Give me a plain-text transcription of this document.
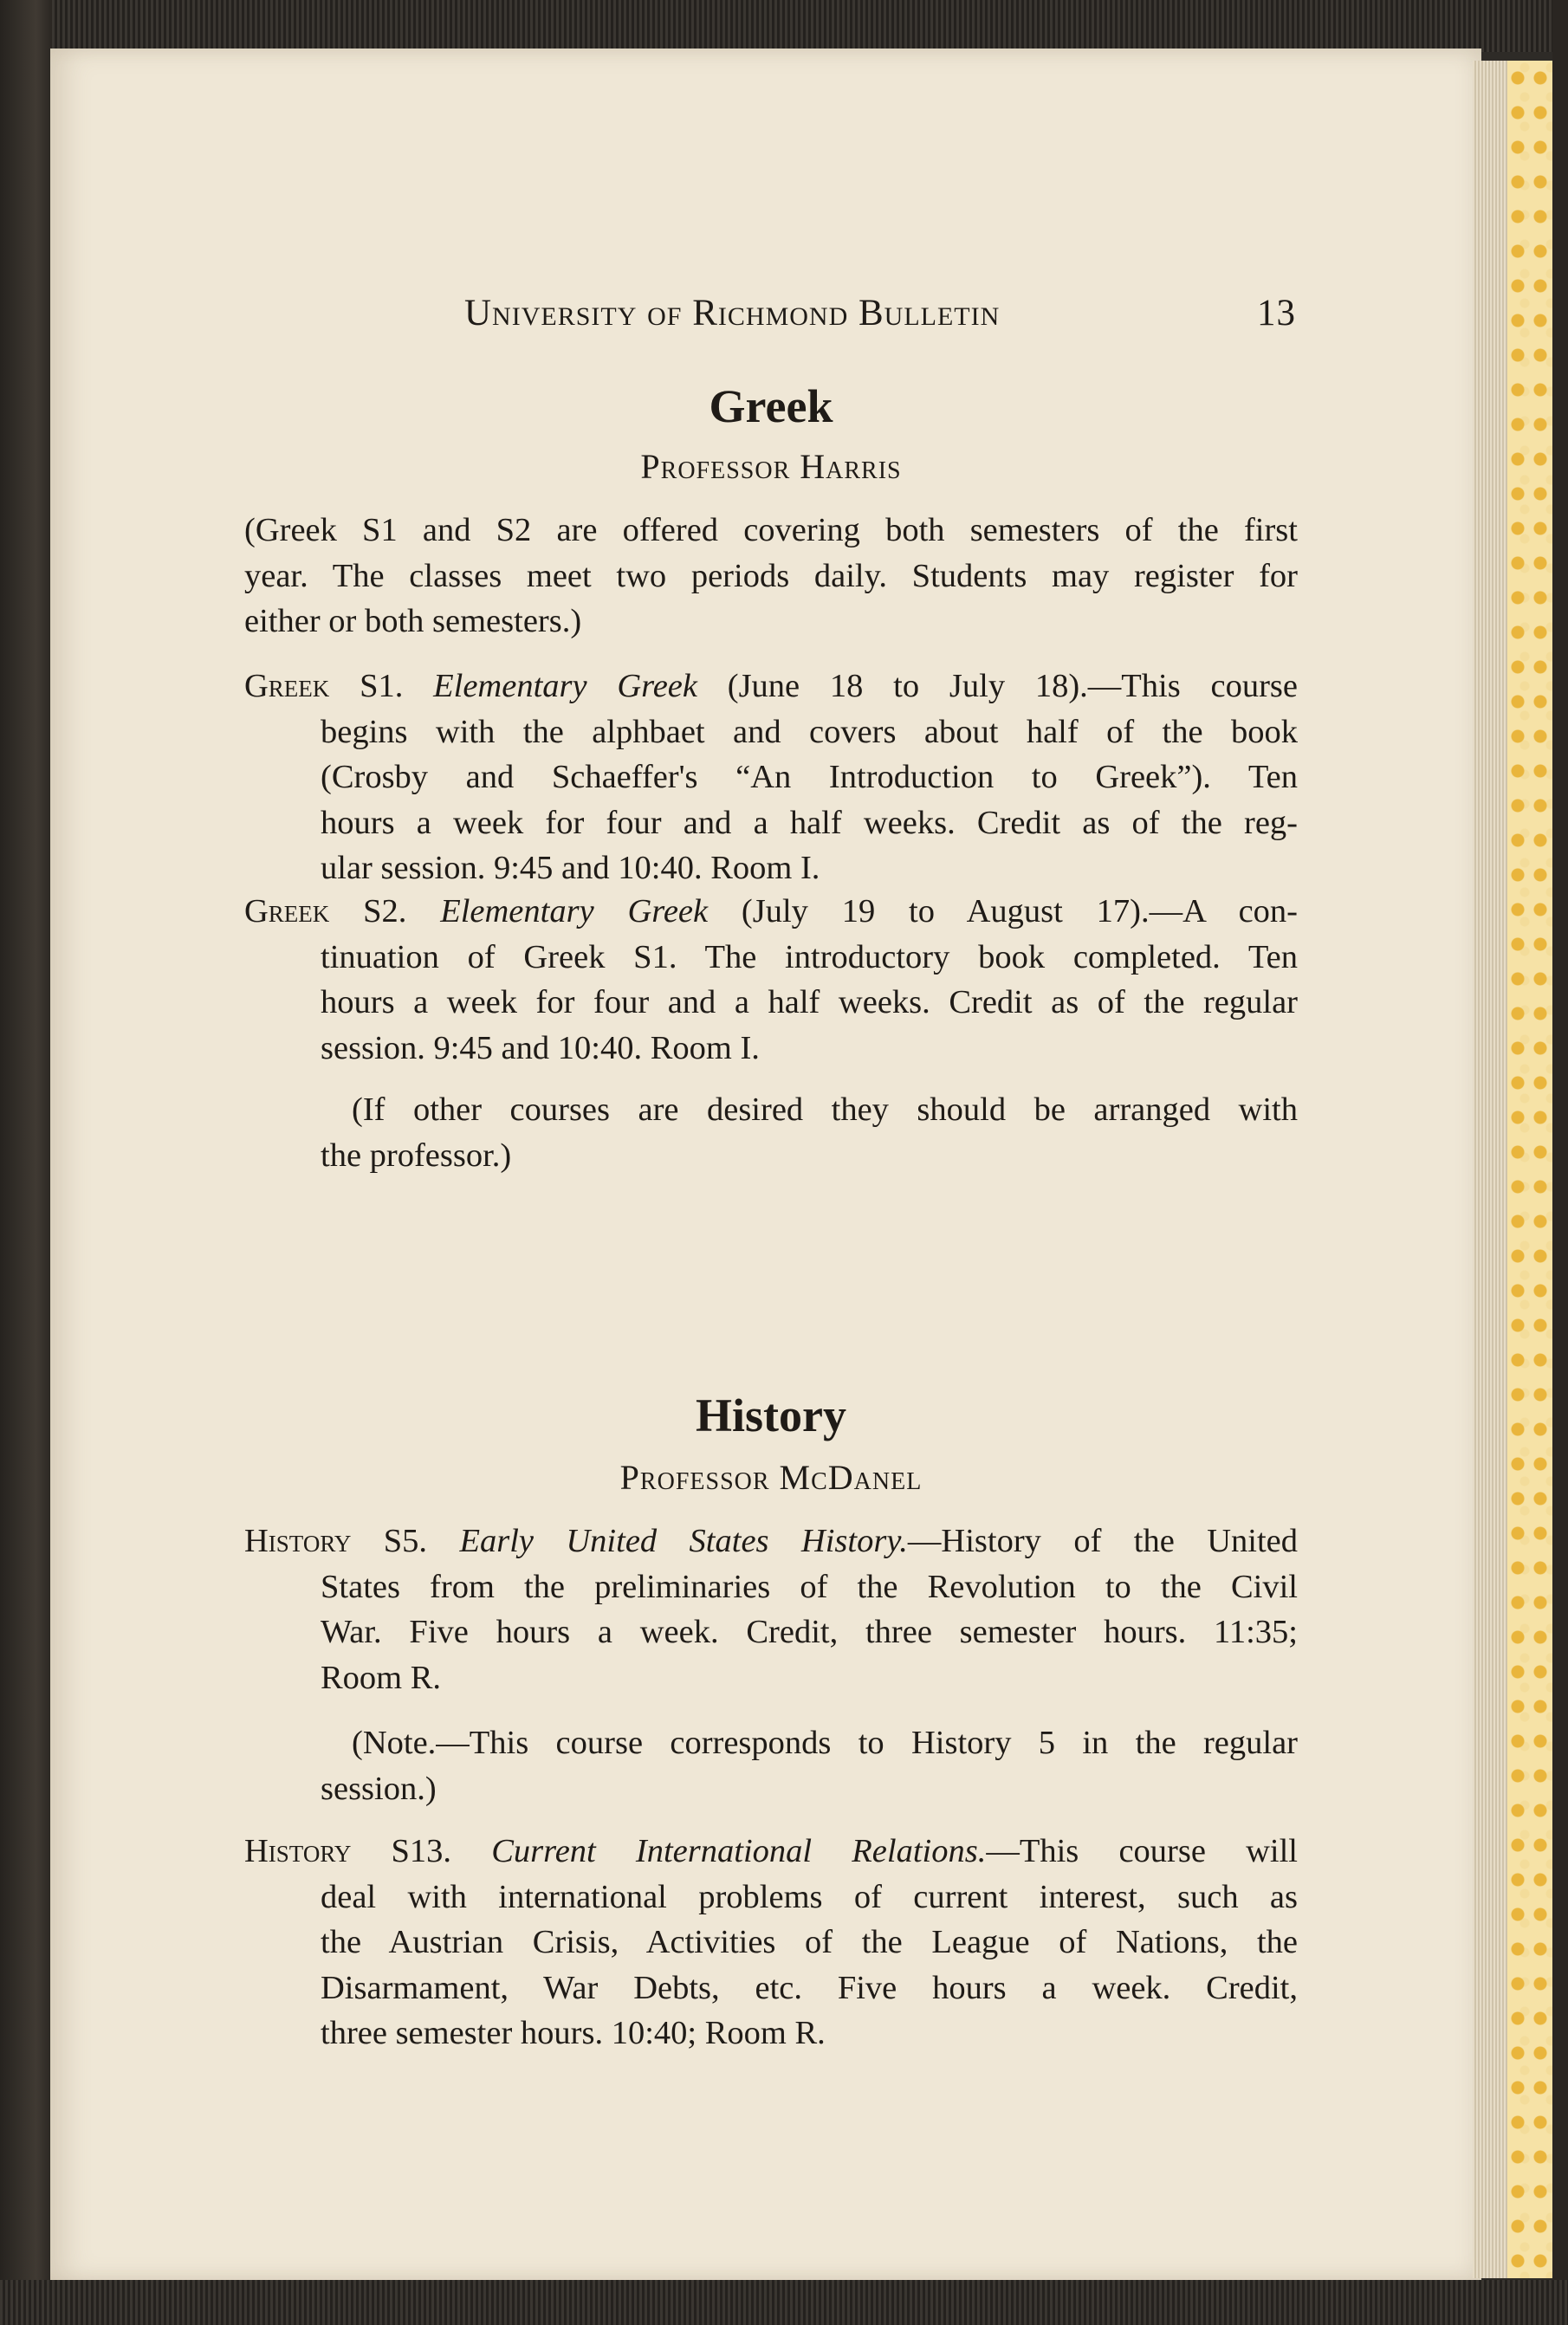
University of Richmond Bulletin	13
Greek
Professor Harris
(Greek S1 and S2 are offered covering both semesters of the first
year. The classes meet two periods daily. Students may register for
either or both semesters.)
Greek S1. Elementary Greek (June 18 to July 18).—This course
begins with the alphbaet and covers about half of the book
(Crosby and Schaeffer's “An Introduction to Greek”). Ten
hours a week for four and a half weeks. Credit as of the reg-
ular session. 9:45 and 10:40. Room I.
Greek S2. Elementary Greek (July 19 to August 17).—A con-
tinuation of Greek S1. The introductory book completed. Ten
hours a week for four and a half weeks. Credit as of the regular
session. 9:45 and 10:40. Room I.
(If other courses are desired they should be arranged with
the professor.)
History
Professor McDanel
History S5. Early United States History.—History of the United
States from the preliminaries of the Revolution to the Civil
War. Five hours a week. Credit, three semester hours. 11:35;
Room R.
(Note.—This course corresponds to History 5 in the regular
session.)
History S13. Current International Relations.—This course will
deal with international problems of current interest, such as
the Austrian Crisis, Activities of the League of Nations, the
Disarmament, War Debts, etc. Five hours a week. Credit,
three semester hours. 10:40; Room R.
